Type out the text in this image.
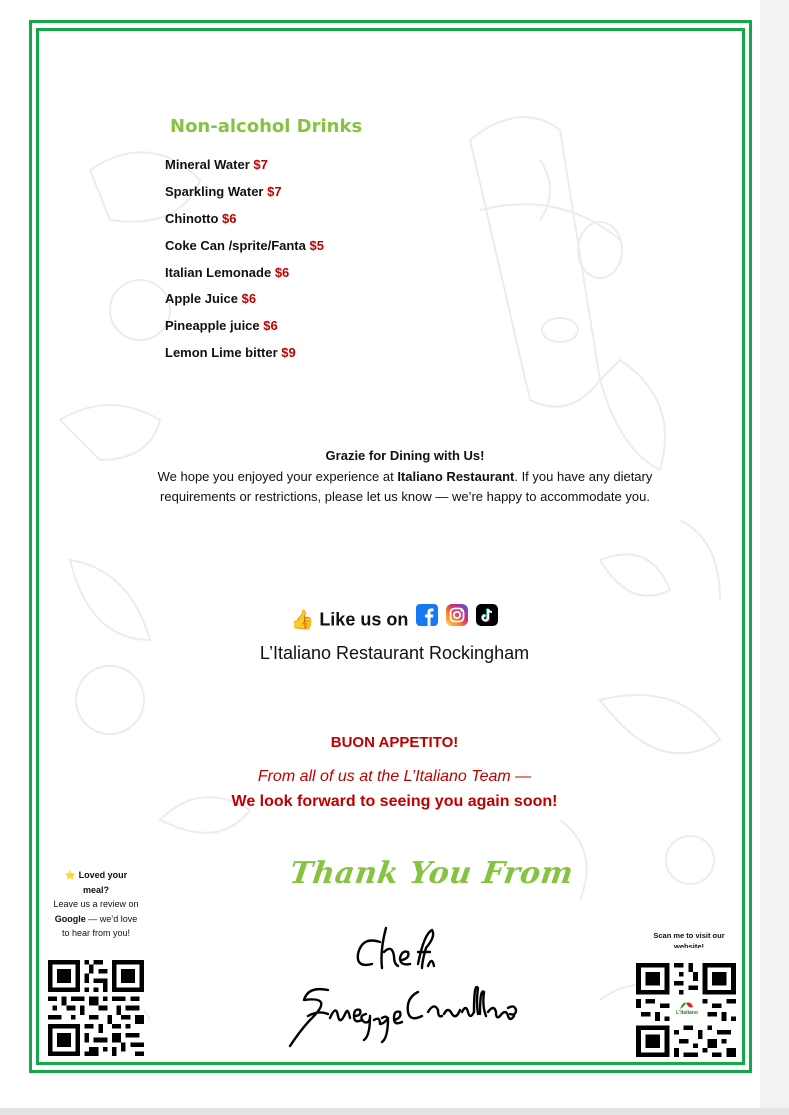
Non-alcohol Drinks
Mineral Water $7
Sparkling Water $7
Chinotto $6
Coke Can /sprite/Fanta $5
Italian Lemonade $6
Apple Juice $6
Pineapple juice $6
Lemon Lime bitter $9
Grazie for Dining with Us!
We hope you enjoyed your experience at Italiano Restaurant. If you have any dietary
requirements or restrictions, please let us know — we’re happy to accommodate you.
👍 Like us on
L’Italiano Restaurant Rockingham
BUON APPETITO!
From all of us at the L’Italiano Team —
We look forward to seeing you again soon!
Thank You From
⭐ Loved your
meal?
Leave us a review on
Google — we’d love
to hear from you!	Scan me to visit our website!
L'Italiano
